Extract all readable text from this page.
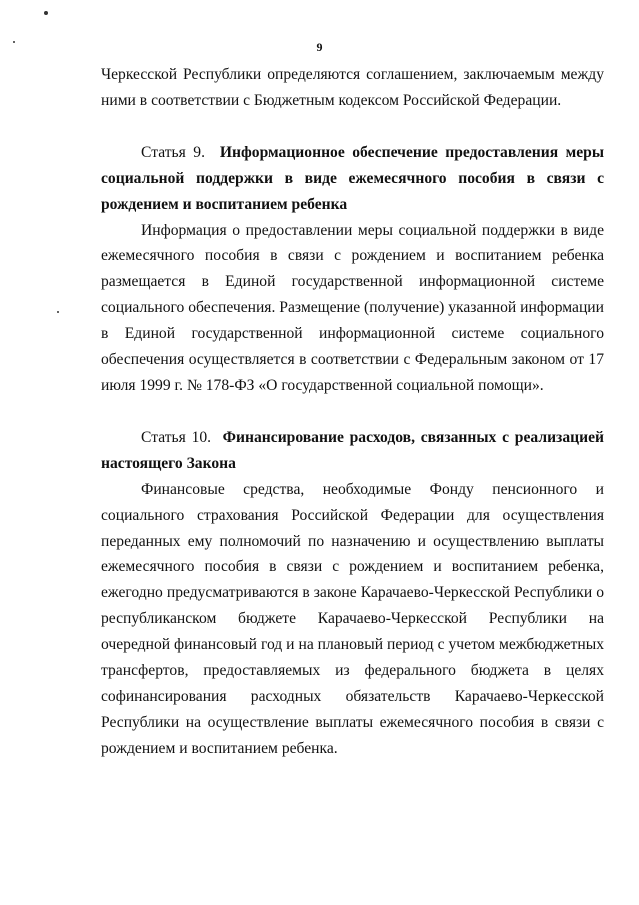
9

Черкесской Республики определяются соглашением, заключаемым между ними в соответствии с Бюджетным кодексом Российской Федерации.

Статья 9. Информационное обеспечение предоставления меры социальной поддержки в виде ежемесячного пособия в связи с рождением и воспитанием ребенка

Информация о предоставлении меры социальной поддержки в виде ежемесячного пособия в связи с рождением и воспитанием ребенка размещается в Единой государственной информационной системе социального обеспечения. Размещение (получение) указанной информации в Единой государственной информационной системе социального обеспечения осуществляется в соответствии с Федеральным законом от 17 июля 1999 г. № 178-ФЗ «О государственной социальной помощи».

Статья 10. Финансирование расходов, связанных с реализацией настоящего Закона

Финансовые средства, необходимые Фонду пенсионного и социального страхования Российской Федерации для осуществления переданных ему полномочий по назначению и осуществлению выплаты ежемесячного пособия в связи с рождением и воспитанием ребенка, ежегодно предусматриваются в законе Карачаево-Черкесской Республики о республиканском бюджете Карачаево-Черкесской Республики на очередной финансовый год и на плановый период с учетом межбюджетных трансфертов, предоставляемых из федерального бюджета в целях софинансирования расходных обязательств Карачаево-Черкесской Республики на осуществление выплаты ежемесячного пособия в связи с рождением и воспитанием ребенка.
